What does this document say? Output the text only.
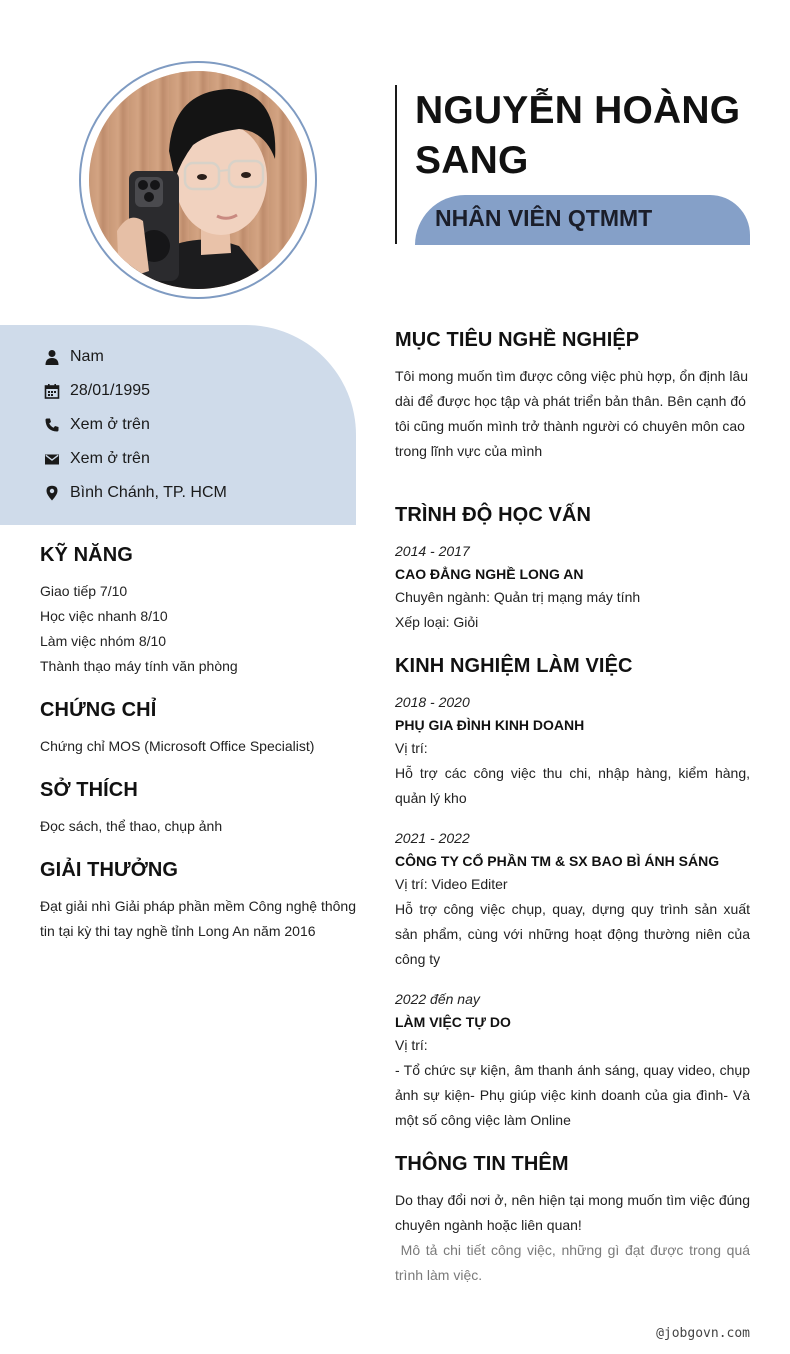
NGUYỄN HOÀNG SANG
NHÂN VIÊN QTMMT
Nam
28/01/1995
Xem ở trên
Xem ở trên
Bình Chánh, TP. HCM
KỸ NĂNG
Giao tiếp 7/10
Học việc nhanh 8/10
Làm việc nhóm 8/10
Thành thạo máy tính văn phòng
CHỨNG CHỈ
Chứng chỉ MOS (Microsoft Office Specialist)
SỞ THÍCH
Đọc sách, thể thao, chụp ảnh
GIẢI THƯỞNG
Đạt giải nhì Giải pháp phần mềm Công nghệ thông tin tại kỳ thi tay nghề tỉnh Long An năm 2016
MỤC TIÊU NGHỀ NGHIỆP
Tôi mong muốn tìm được công việc phù hợp, ổn định lâu dài để được học tập và phát triển bản thân. Bên cạnh đó tôi cũng muốn mình trở thành người có chuyên môn cao trong lĩnh vực của mình
TRÌNH ĐỘ HỌC VẤN
2014 - 2017
CAO ĐẲNG NGHỀ LONG AN
Chuyên ngành: Quản trị mạng máy tính
Xếp loại: Giỏi
KINH NGHIỆM LÀM VIỆC
2018 - 2020
PHỤ GIA ĐÌNH KINH DOANH
Vị trí:
Hỗ trợ các công việc thu chi, nhập hàng, kiểm hàng, quản lý kho
2021 - 2022
CÔNG TY CỔ PHẦN TM & SX BAO BÌ ÁNH SÁNG
Vị trí: Video Editer
Hỗ trợ công việc chụp, quay, dựng quy trình sản xuất sản phẩm, cùng với những hoạt động thường niên của công ty
2022 đến nay
LÀM VIỆC TỰ DO
Vị trí:
- Tổ chức sự kiện, âm thanh ánh sáng, quay video, chụp ảnh sự kiện- Phụ giúp việc kinh doanh của gia đình- Và một số công việc làm Online
THÔNG TIN THÊM
Do thay đổi nơi ở, nên hiện tại mong muốn tìm việc đúng chuyên ngành hoặc liên quan!
Mô tả chi tiết công việc, những gì đạt được trong quá trình làm việc.
@jobgovn.com
